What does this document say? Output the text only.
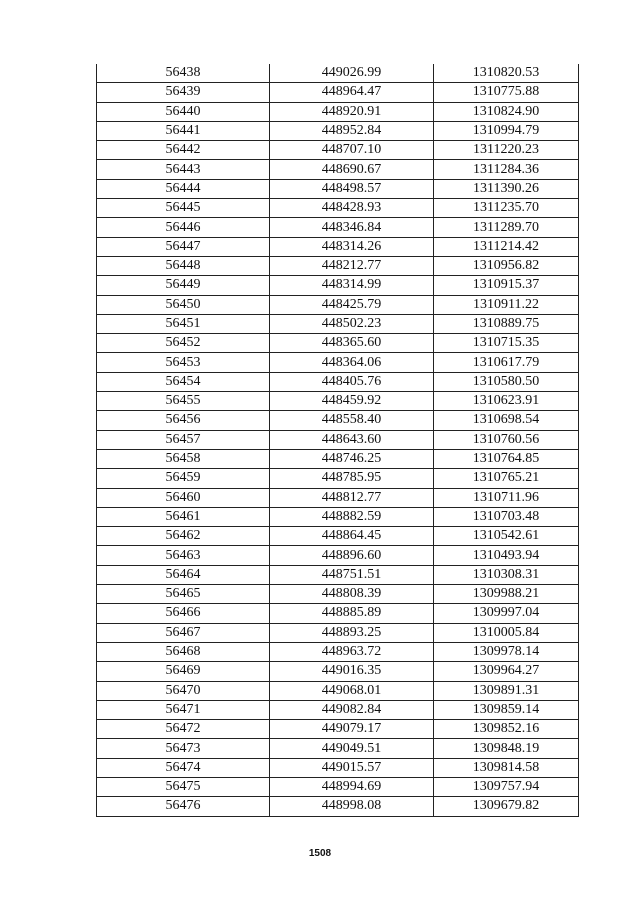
56438	449026.99	1310820.53
56439	448964.47	1310775.88
56440	448920.91	1310824.90
56441	448952.84	1310994.79
56442	448707.10	1311220.23
56443	448690.67	1311284.36
56444	448498.57	1311390.26
56445	448428.93	1311235.70
56446	448346.84	1311289.70
56447	448314.26	1311214.42
56448	448212.77	1310956.82
56449	448314.99	1310915.37
56450	448425.79	1310911.22
56451	448502.23	1310889.75
56452	448365.60	1310715.35
56453	448364.06	1310617.79
56454	448405.76	1310580.50
56455	448459.92	1310623.91
56456	448558.40	1310698.54
56457	448643.60	1310760.56
56458	448746.25	1310764.85
56459	448785.95	1310765.21
56460	448812.77	1310711.96
56461	448882.59	1310703.48
56462	448864.45	1310542.61
56463	448896.60	1310493.94
56464	448751.51	1310308.31
56465	448808.39	1309988.21
56466	448885.89	1309997.04
56467	448893.25	1310005.84
56468	448963.72	1309978.14
56469	449016.35	1309964.27
56470	449068.01	1309891.31
56471	449082.84	1309859.14
56472	449079.17	1309852.16
56473	449049.51	1309848.19
56474	449015.57	1309814.58
56475	448994.69	1309757.94
56476	448998.08	1309679.82
1508
